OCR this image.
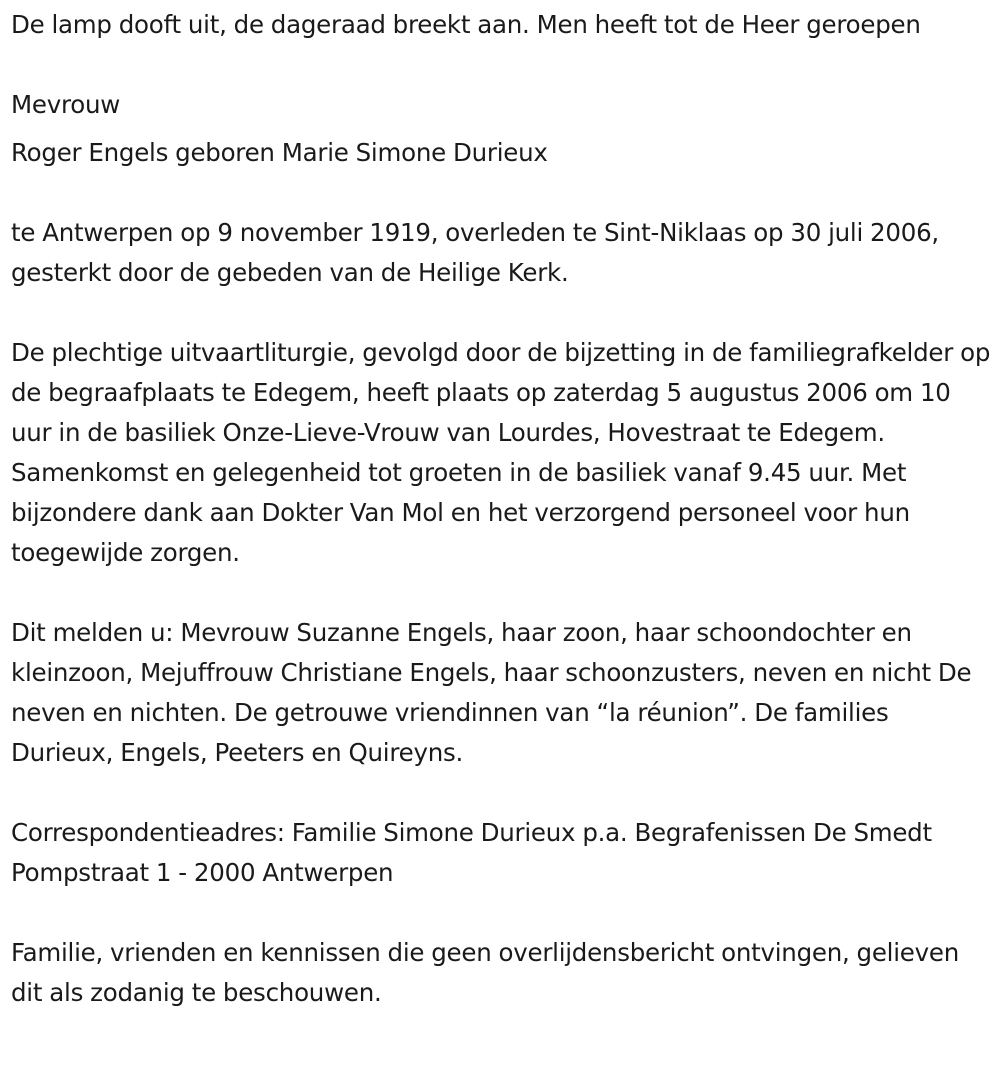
De lamp dooft uit, de dageraad breekt aan. Men heeft tot de Heer geroepen

Mevrouw

Roger Engels geboren Marie Simone Durieux

te Antwerpen op 9 november 1919, overleden te Sint-Niklaas op 30 juli 2006, gesterkt door de gebeden van de Heilige Kerk.

De plechtige uitvaartliturgie, gevolgd door de bijzetting in de familiegrafkelder op de begraafplaats te Edegem, heeft plaats op zaterdag 5 augustus 2006 om 10 uur in de basiliek Onze-Lieve-Vrouw van Lourdes, Hovestraat te Edegem. Samenkomst en gelegenheid tot groeten in de basiliek vanaf 9.45 uur. Met bijzondere dank aan Dokter Van Mol en het verzorgend personeel voor hun toegewijde zorgen.

Dit melden u: Mevrouw Suzanne Engels, haar zoon, haar schoondochter en kleinzoon, Mejuffrouw Christiane Engels, haar schoonzusters, neven en nicht De neven en nichten. De getrouwe vriendinnen van “la réunion”. De families Durieux, Engels, Peeters en Quireyns.

Correspondentieadres: Familie Simone Durieux p.a. Begrafenissen De Smedt Pompstraat 1 - 2000 Antwerpen

Familie, vrienden en kennissen die geen overlijdensbericht ontvingen, gelieven dit als zodanig te beschouwen.
